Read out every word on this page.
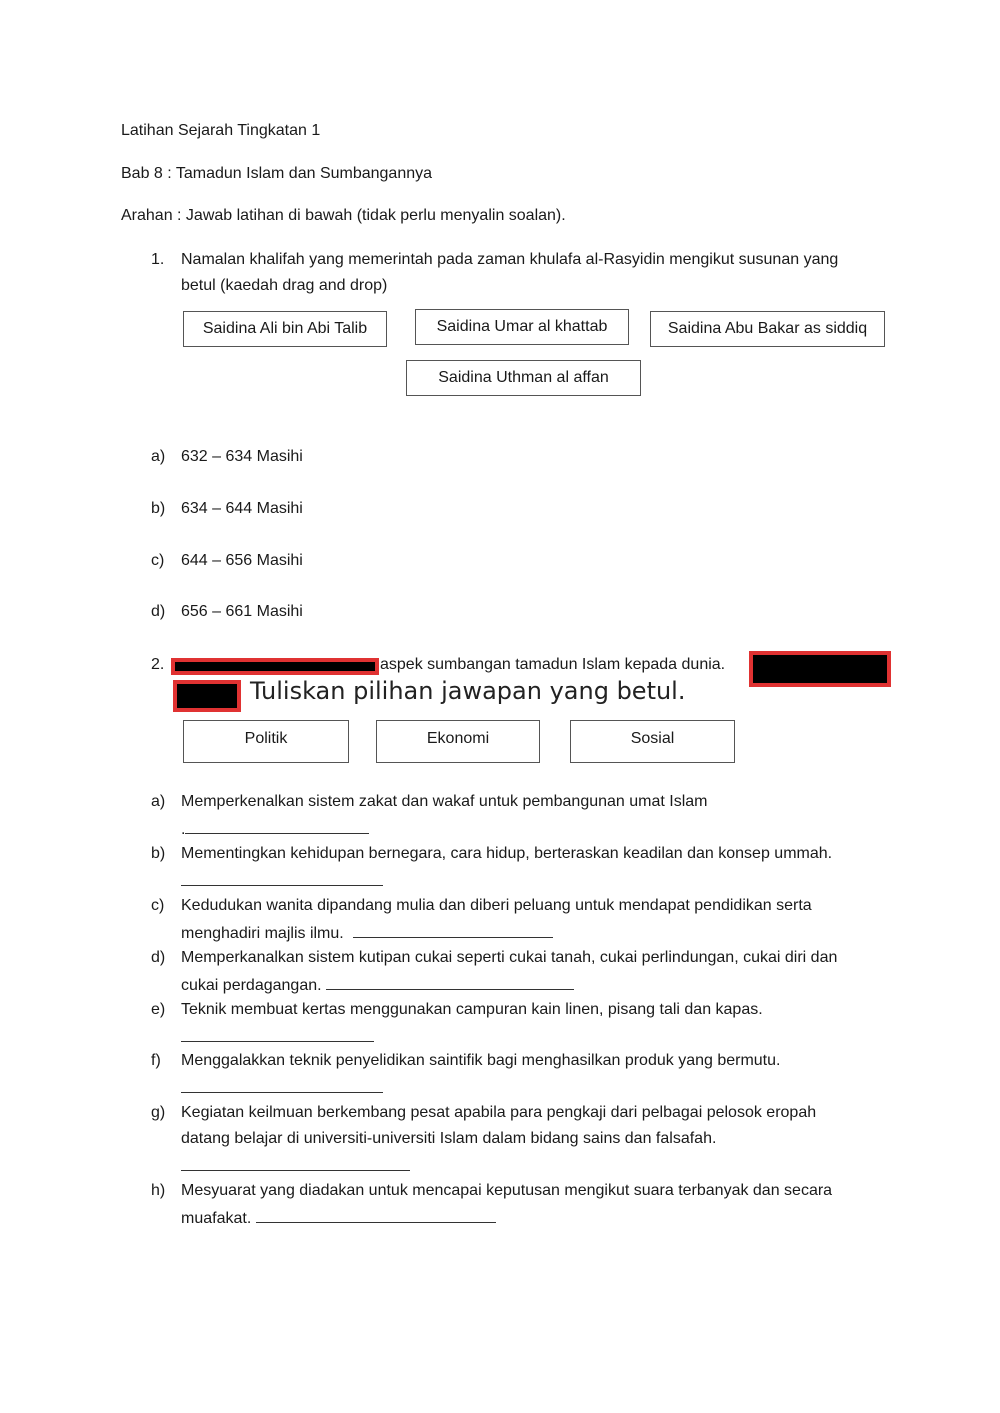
Latihan Sejarah Tingkatan 1
Bab 8 : Tamadun Islam dan Sumbangannya
Arahan : Jawab latihan di bawah (tidak perlu menyalin soalan).
1. Namalan khalifah yang memerintah pada zaman khulafa al-Rasyidin mengikut susunan yang
betul (kaedah drag and drop)
Saidina Ali bin Abi Talib	Saidina Umar al khattab	Saidina Abu Bakar as siddiq
Saidina Uthman al affan
a) 632 – 634 Masihi
b) 634 – 644 Masihi
c) 644 – 656 Masihi
d) 656 – 661 Masihi
2.	aspek sumbangan tamadun Islam kepada dunia.
Tuliskan pilihan jawapan yang betul.
Politik	Ekonomi	Sosial
a) Memperkenalkan sistem zakat dan wakaf untuk pembangunan umat Islam
.
b) Mementingkan kehidupan bernegara, cara hidup, berteraskan keadilan dan konsep ummah.
c) Kedudukan wanita dipandang mulia dan diberi peluang untuk mendapat pendidikan serta
menghadiri majlis ilmu.
d) Memperkanalkan sistem kutipan cukai seperti cukai tanah, cukai perlindungan, cukai diri dan
cukai perdagangan.
e) Teknik membuat kertas menggunakan campuran kain linen, pisang tali dan kapas.
f) Menggalakkan teknik penyelidikan saintifik bagi menghasilkan produk yang bermutu.
g) Kegiatan keilmuan berkembang pesat apabila para pengkaji dari pelbagai pelosok eropah
datang belajar di universiti-universiti Islam dalam bidang sains dan falsafah.
h) Mesyuarat yang diadakan untuk mencapai keputusan mengikut suara terbanyak dan secara
muafakat.
